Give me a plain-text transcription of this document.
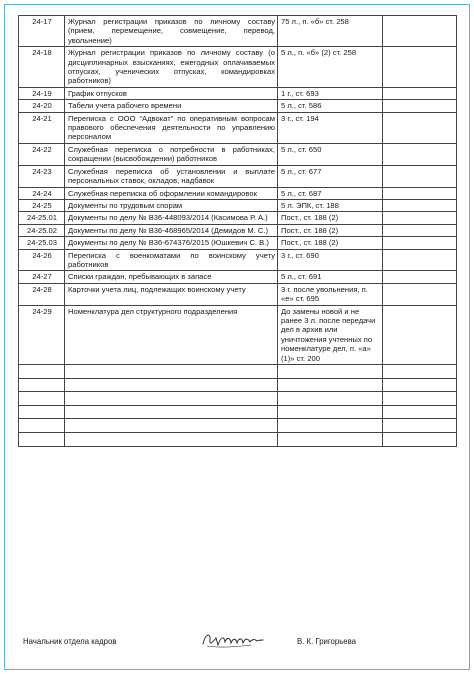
24-17	Журнал регистрации приказов по личному составу (прием, перемещение, совмещение, перевод, увольнение)	75 л., п. «б» ст. 258	
24-18	Журнал регистрации приказов по личному составу (о дисциплинарных взысканиях, ежегодных оплачиваемых отпусках, ученических отпусках, командировках работников)	5 л., п. «б» (2) ст. 258	
24-19	График отпусков	1 г., ст. 693	
24-20	Табели учета рабочего времени	5 л., ст. 586	
24-21	Переписка с ООО “Адвокат” по оперативным вопросам правового обеспечения деятельности по управлению персоналом	3 г., ст. 194	
24-22	Служебная переписка о потребности в работниках, сокращении (высвобождении) работников	5 л., ст. 650	
24-23	Служебная переписка об установлении и выплате персональных ставок, окладов, надбавок	5 л., ст. 677	
24-24	Служебная переписка об оформлении командировок	5 л., ст. 687	
24-25	Документы по трудовым спорам	5 л. ЭПК, ст. 188	
24-25.01	Документы по делу № В36-448093/2014 (Касимова Р. А.)	Пост., ст. 188 (2)	
24-25.02	Документы по делу № В36-468965/2014 (Демидов М. С.)	Пост., ст. 188 (2)	
24-25.03	Документы по делу № В36-674376/2015 (Юшкевич С. В.)	Пост., ст. 188 (2)	
24-26	Переписка с военкоматами по воинскому учету работников	3 г., ст. 690	
24-27	Списки граждан, пребывающих в запасе	5 л., ст. 691	
24-28	Карточки учета лиц, подлежащих воинскому учету	3 г. после увольнения, п. «е» ст. 695	
24-29	Номенклатура дел структурного подразделения	До замены новой и не ранее 3 л. после передачи дел в архив или уничтожения учтенных по номенклатуре дел, п. «а» (1)» ст. 200	

Начальник отдела кадров	В. К. Григорьева
